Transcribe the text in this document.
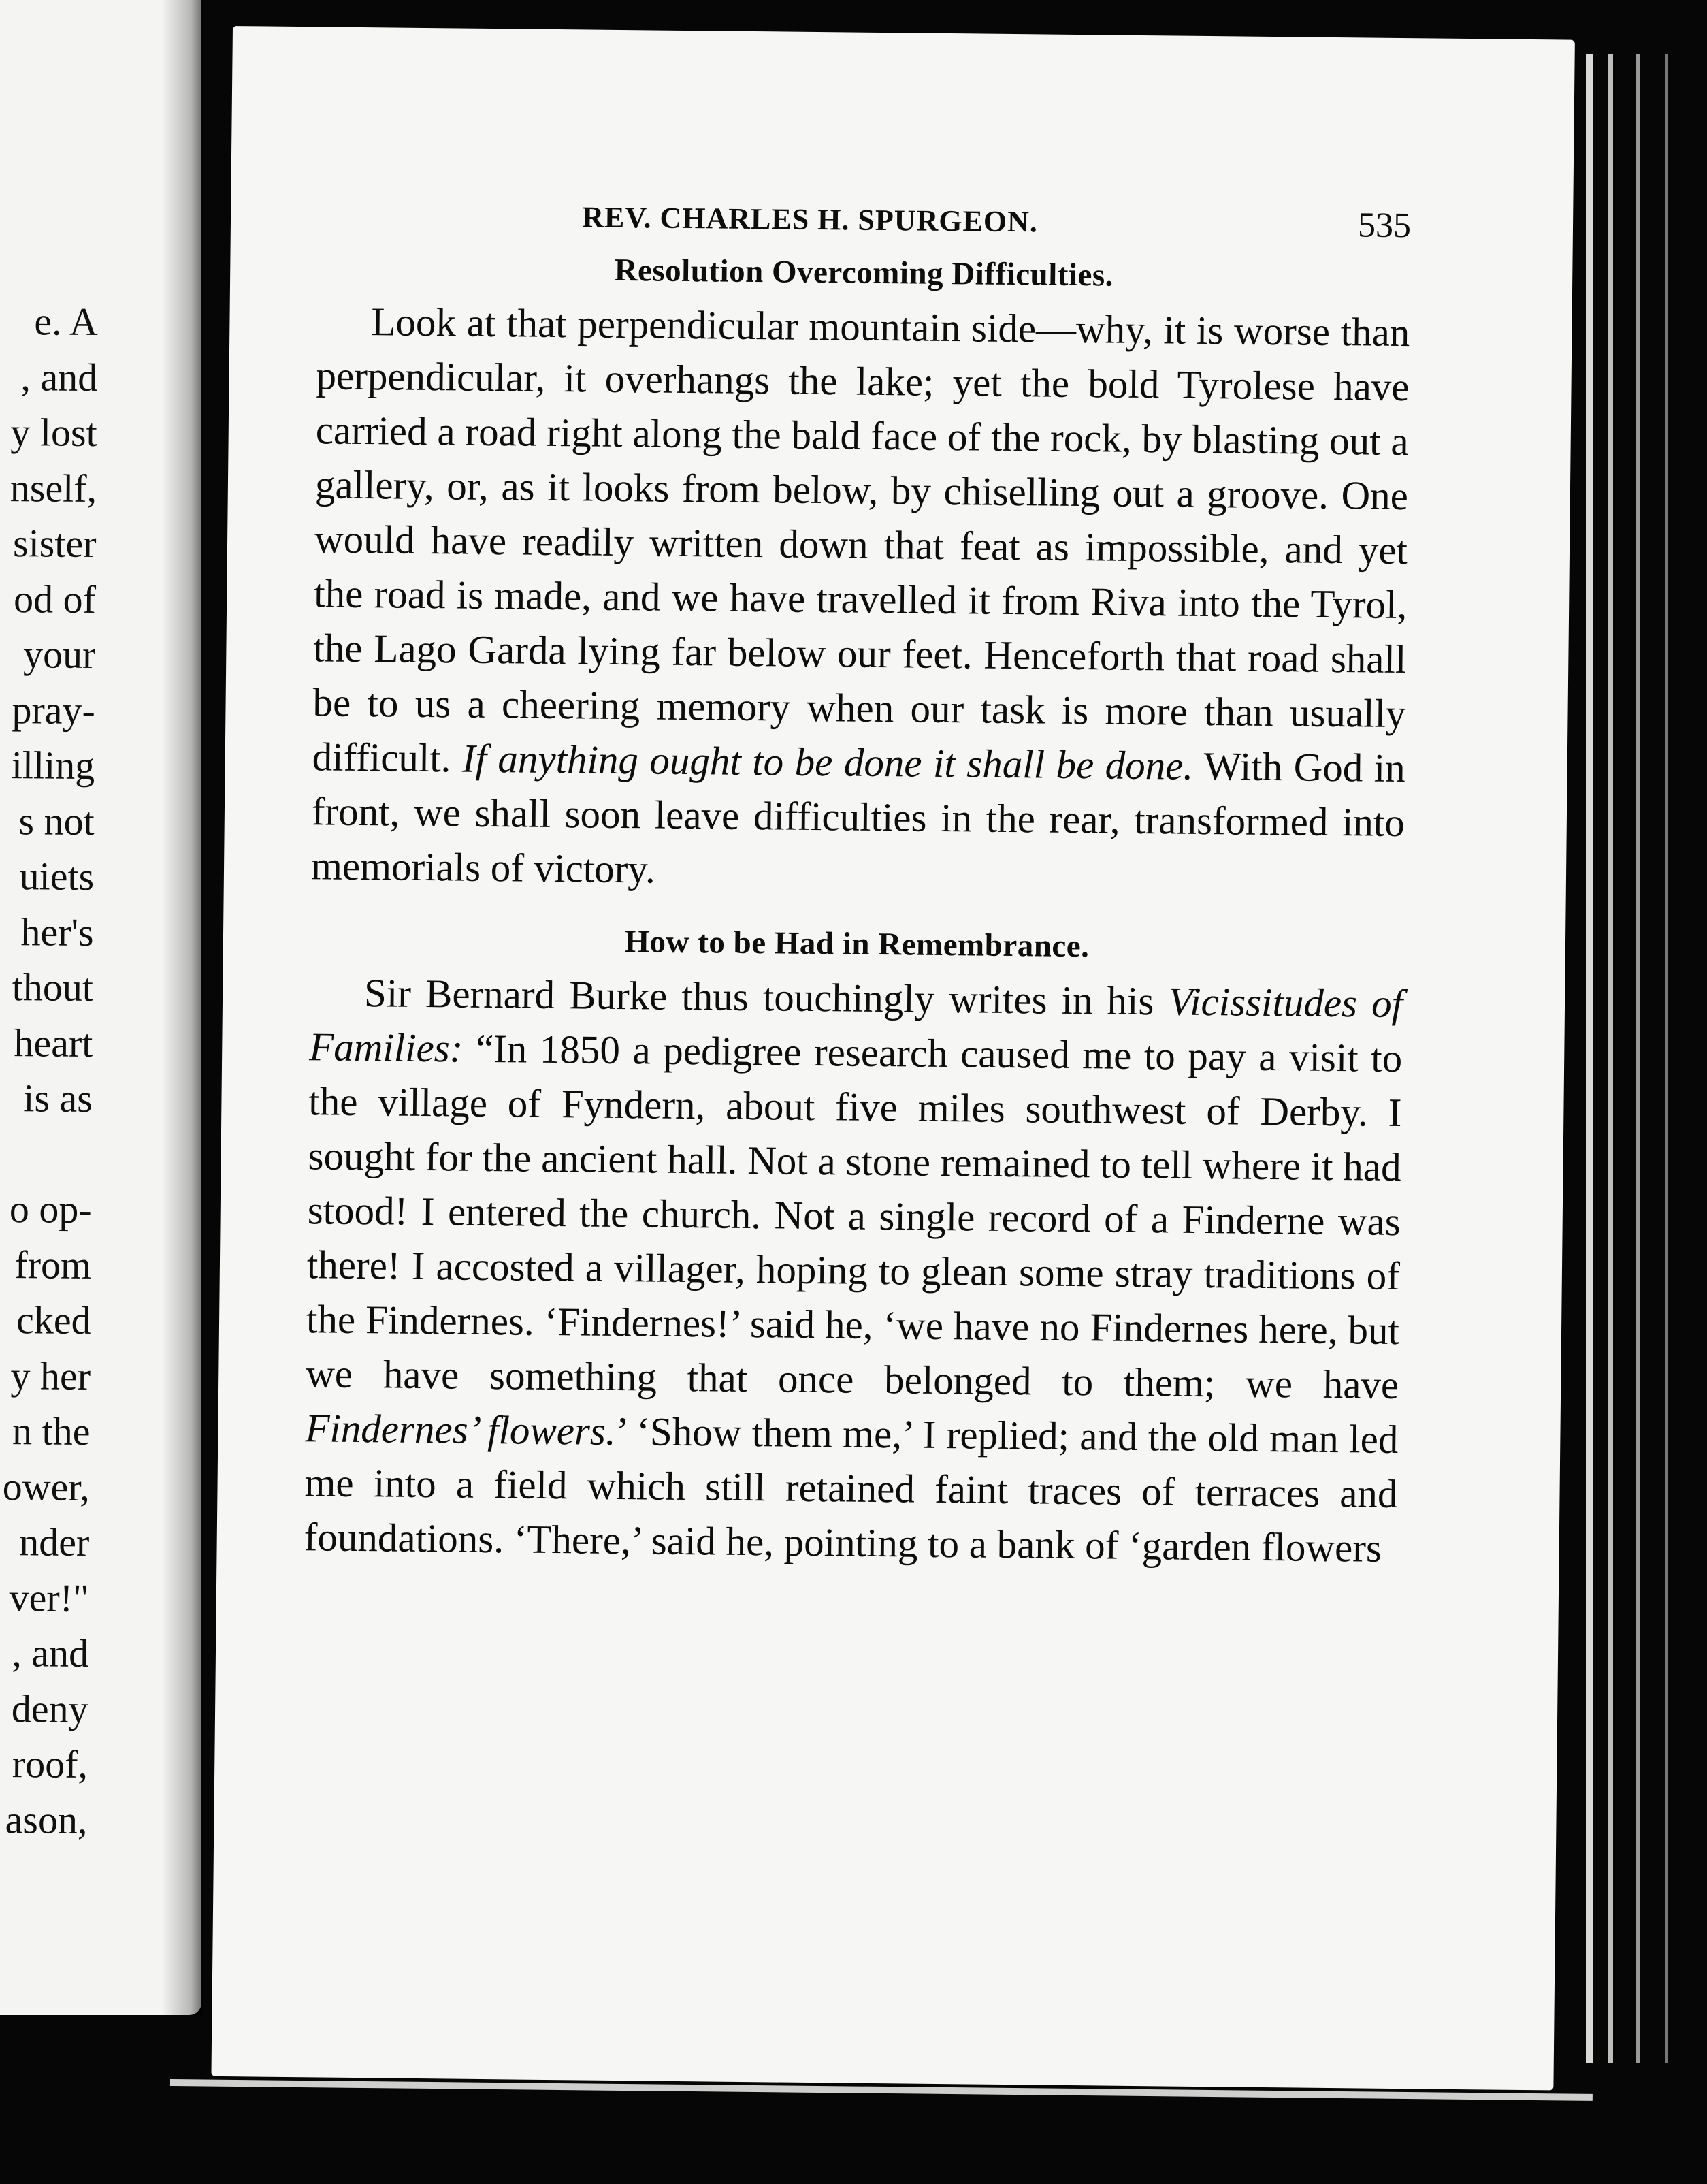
e. A
, and
y lost
nself,
sister
od of
your
pray-
illing
s not
uiets
her's
thout
heart
is as
o op-
from
cked
y her
n the
ower,
nder
ver!"
, and
deny
roof,
ason,
REV. CHARLES H. SPURGEON.	535
Resolution Overcoming Difficulties.

Look at that perpendicular mountain side—why, it is worse than perpendicular, it overhangs the lake; yet the bold Tyrolese have carried a road right along the bald face of the rock, by blasting out a gallery, or, as it looks from below, by chiselling out a groove. One would have readily written down that feat as impossible, and yet the road is made, and we have travelled it from Riva into the Tyrol, the Lago Garda lying far below our feet. Henceforth that road shall be to us a cheering memory when our task is more than usually difficult. If anything ought to be done it shall be done. With God in front, we shall soon leave difficulties in the rear, transformed into memorials of victory.

How to be Had in Remembrance.

Sir Bernard Burke thus touchingly writes in his Vicissitudes of Families: “In 1850 a pedigree research caused me to pay a visit to the village of Fyndern, about five miles southwest of Derby. I sought for the ancient hall. Not a stone remained to tell where it had stood! I entered the church. Not a single record of a Finderne was there! I accosted a villager, hoping to glean some stray traditions of the Findernes. ‘Findernes!’ said he, ‘we have no Findernes here, but we have something that once belonged to them; we have Findernes’ flowers.’ ‘Show them me,’ I replied; and the old man led me into a field which still retained faint traces of terraces and foundations. ‘There,’ said he, pointing to a bank of ‘garden flowers
